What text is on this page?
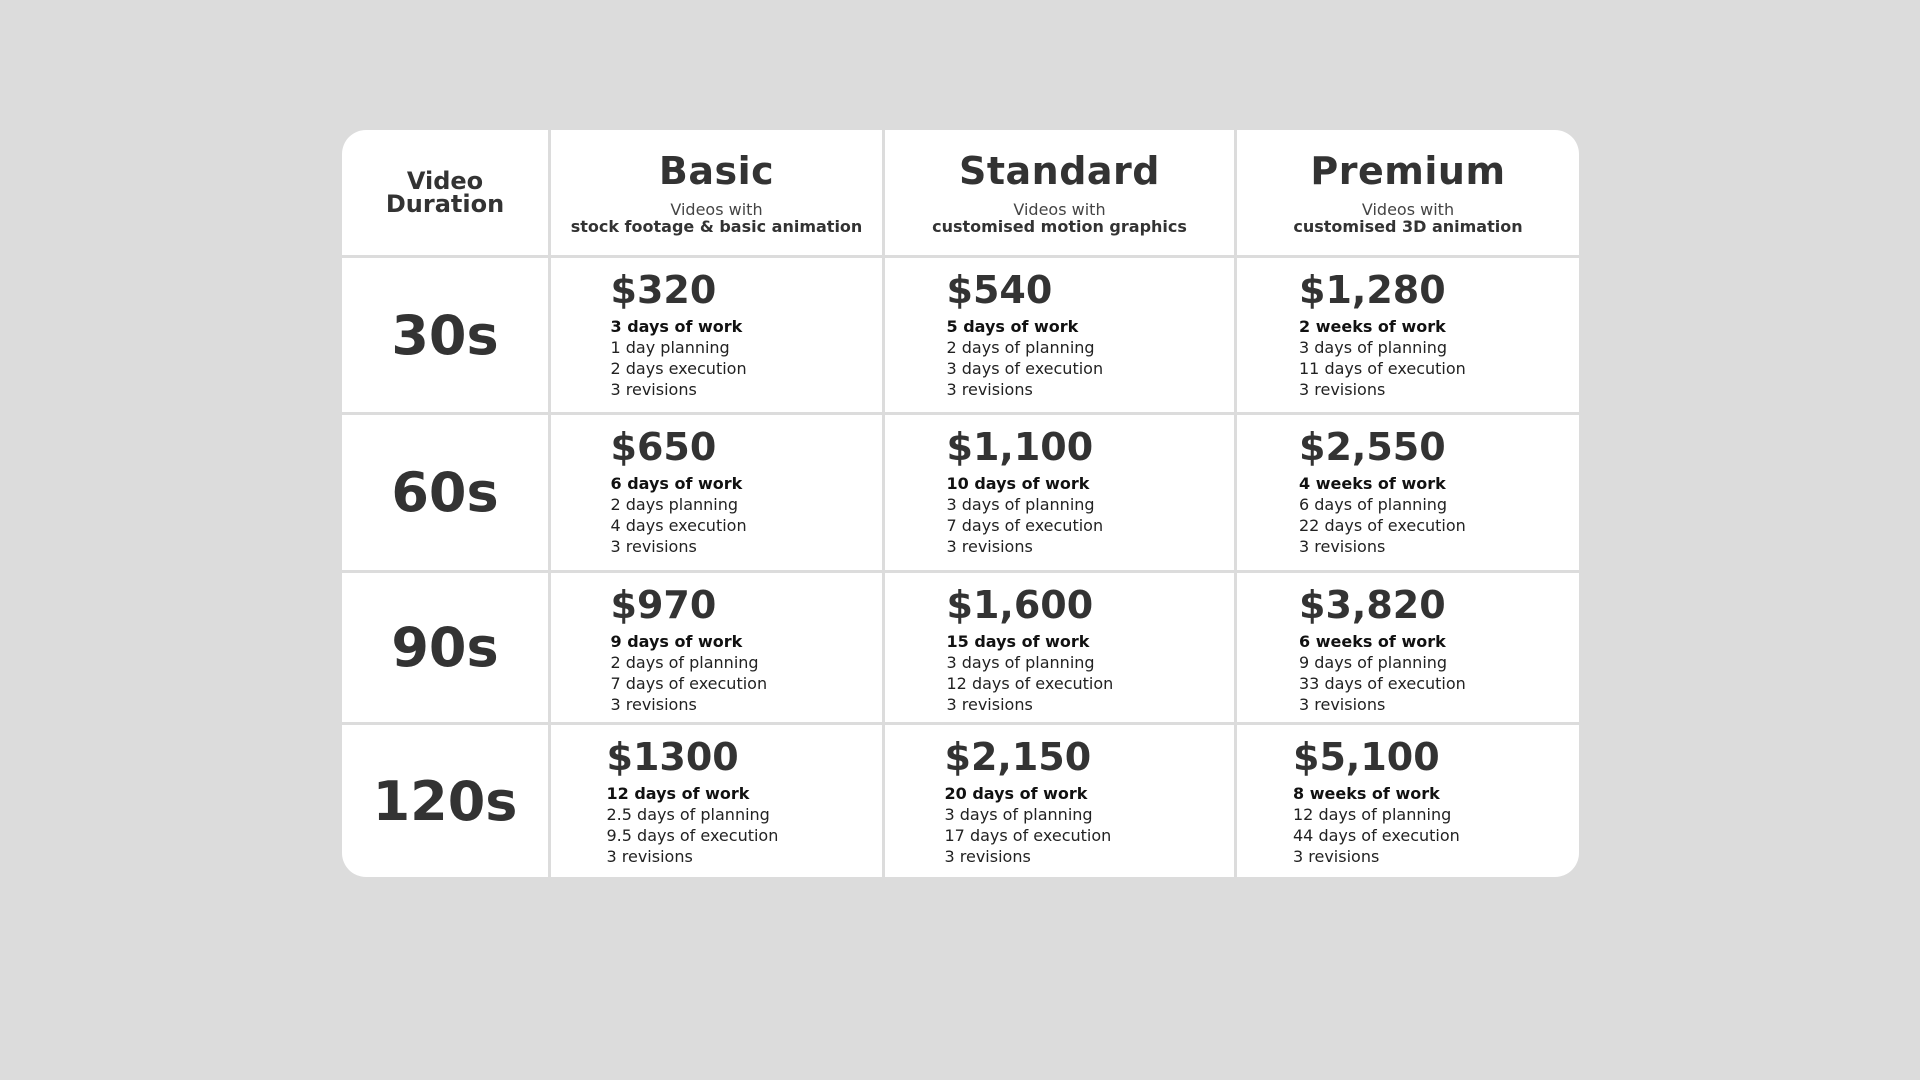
Video
Duration
Basic
Videos with
stock footage & basic animation
Standard
Videos with
customised motion graphics
Premium
Videos with
customised 3D animation
30s
$320
3 days of work
1 day planning
2 days execution
3 revisions
$540
5 days of work
2 days of planning
3 days of execution
3 revisions
$1,280
2 weeks of work
3 days of planning
11 days of execution
3 revisions
60s
$650
6 days of work
2 days planning
4 days execution
3 revisions
$1,100
10 days of work
3 days of planning
7 days of execution
3 revisions
$2,550
4 weeks of work
6 days of planning
22 days of execution
3 revisions
90s
$970
9 days of work
2 days of planning
7 days of execution
3 revisions
$1,600
15 days of work
3 days of planning
12 days of execution
3 revisions
$3,820
6 weeks of work
9 days of planning
33 days of execution
3 revisions
120s
$1300
12 days of work
2.5 days of planning
9.5 days of execution
3 revisions
$2,150
20 days of work
3 days of planning
17 days of execution
3 revisions
$5,100
8 weeks of work
12 days of planning
44 days of execution
3 revisions
